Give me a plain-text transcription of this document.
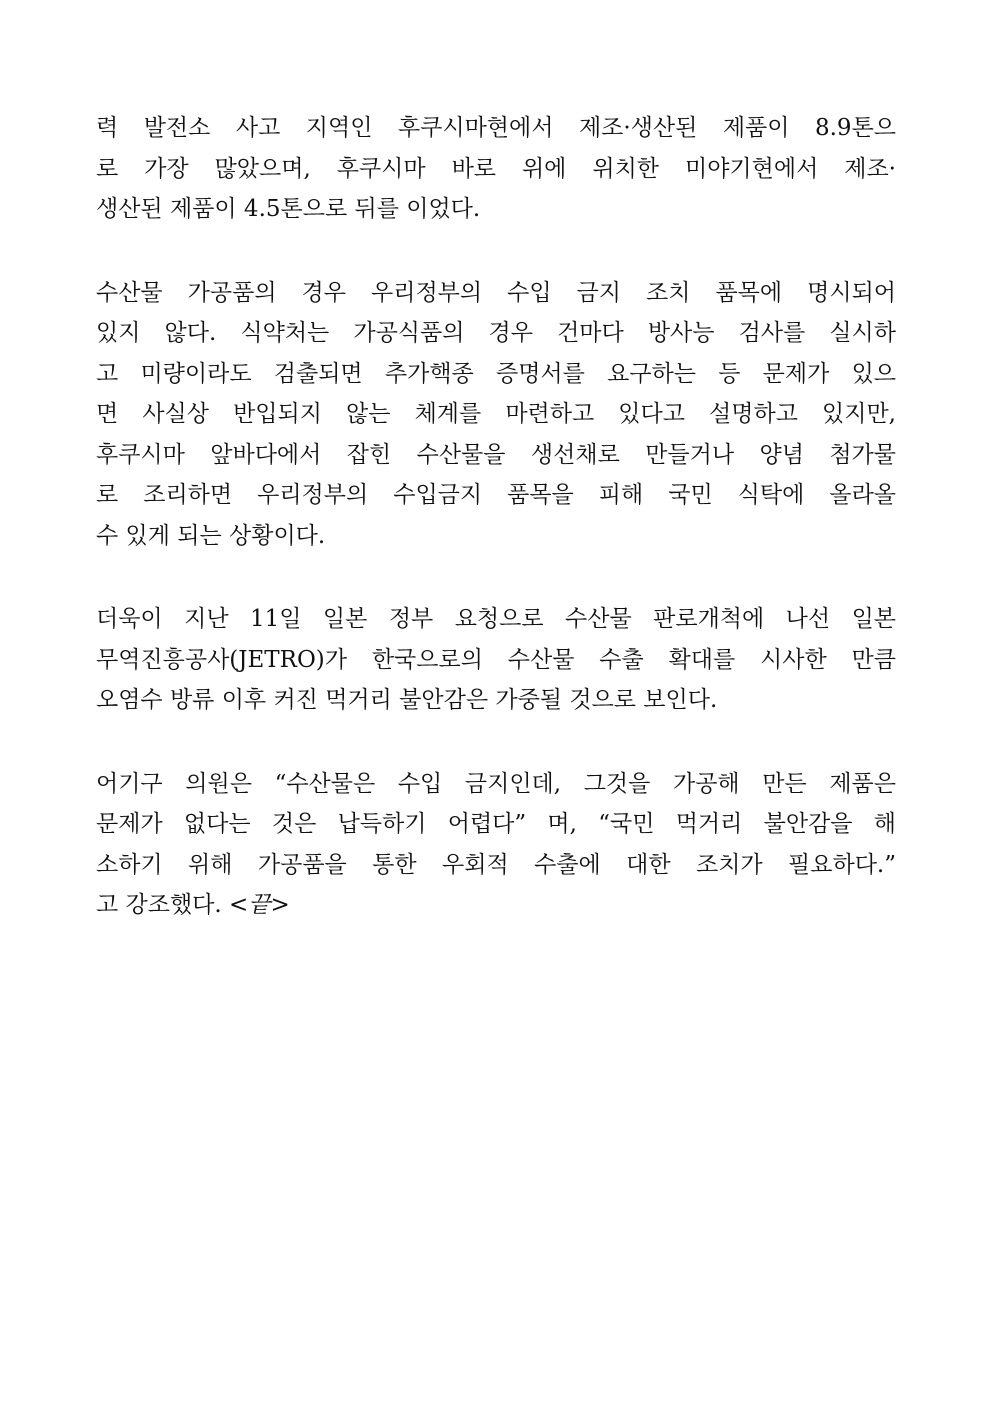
력 발전소 사고 지역인 후쿠시마현에서 제조·생산된 제품이 8.9톤으
로 가장 많았으며, 후쿠시마 바로 위에 위치한 미야기현에서 제조·
생산된 제품이 4.5톤으로 뒤를 이었다.
수산물 가공품의 경우 우리정부의 수입 금지 조치 품목에 명시되어
있지 않다. 식약처는 가공식품의 경우 건마다 방사능 검사를 실시하
고 미량이라도 검출되면 추가핵종 증명서를 요구하는 등 문제가 있으
면 사실상 반입되지 않는 체계를 마련하고 있다고 설명하고 있지만,
후쿠시마 앞바다에서 잡힌 수산물을 생선채로 만들거나 양념 첨가물
로 조리하면 우리정부의 수입금지 품목을 피해 국민 식탁에 올라올
수 있게 되는 상황이다.
더욱이 지난 11일 일본 정부 요청으로 수산물 판로개척에 나선 일본
무역진흥공사(JETRO)가 한국으로의 수산물 수출 확대를 시사한 만큼
오염수 방류 이후 커진 먹거리 불안감은 가중될 것으로 보인다.
어기구 의원은 “수산물은 수입 금지인데, 그것을 가공해 만든 제품은
문제가 없다는 것은 납득하기 어렵다” 며, “국민 먹거리 불안감을 해
소하기 위해 가공품을 통한 우회적 수출에 대한 조치가 필요하다.”
고 강조했다. <끝>
